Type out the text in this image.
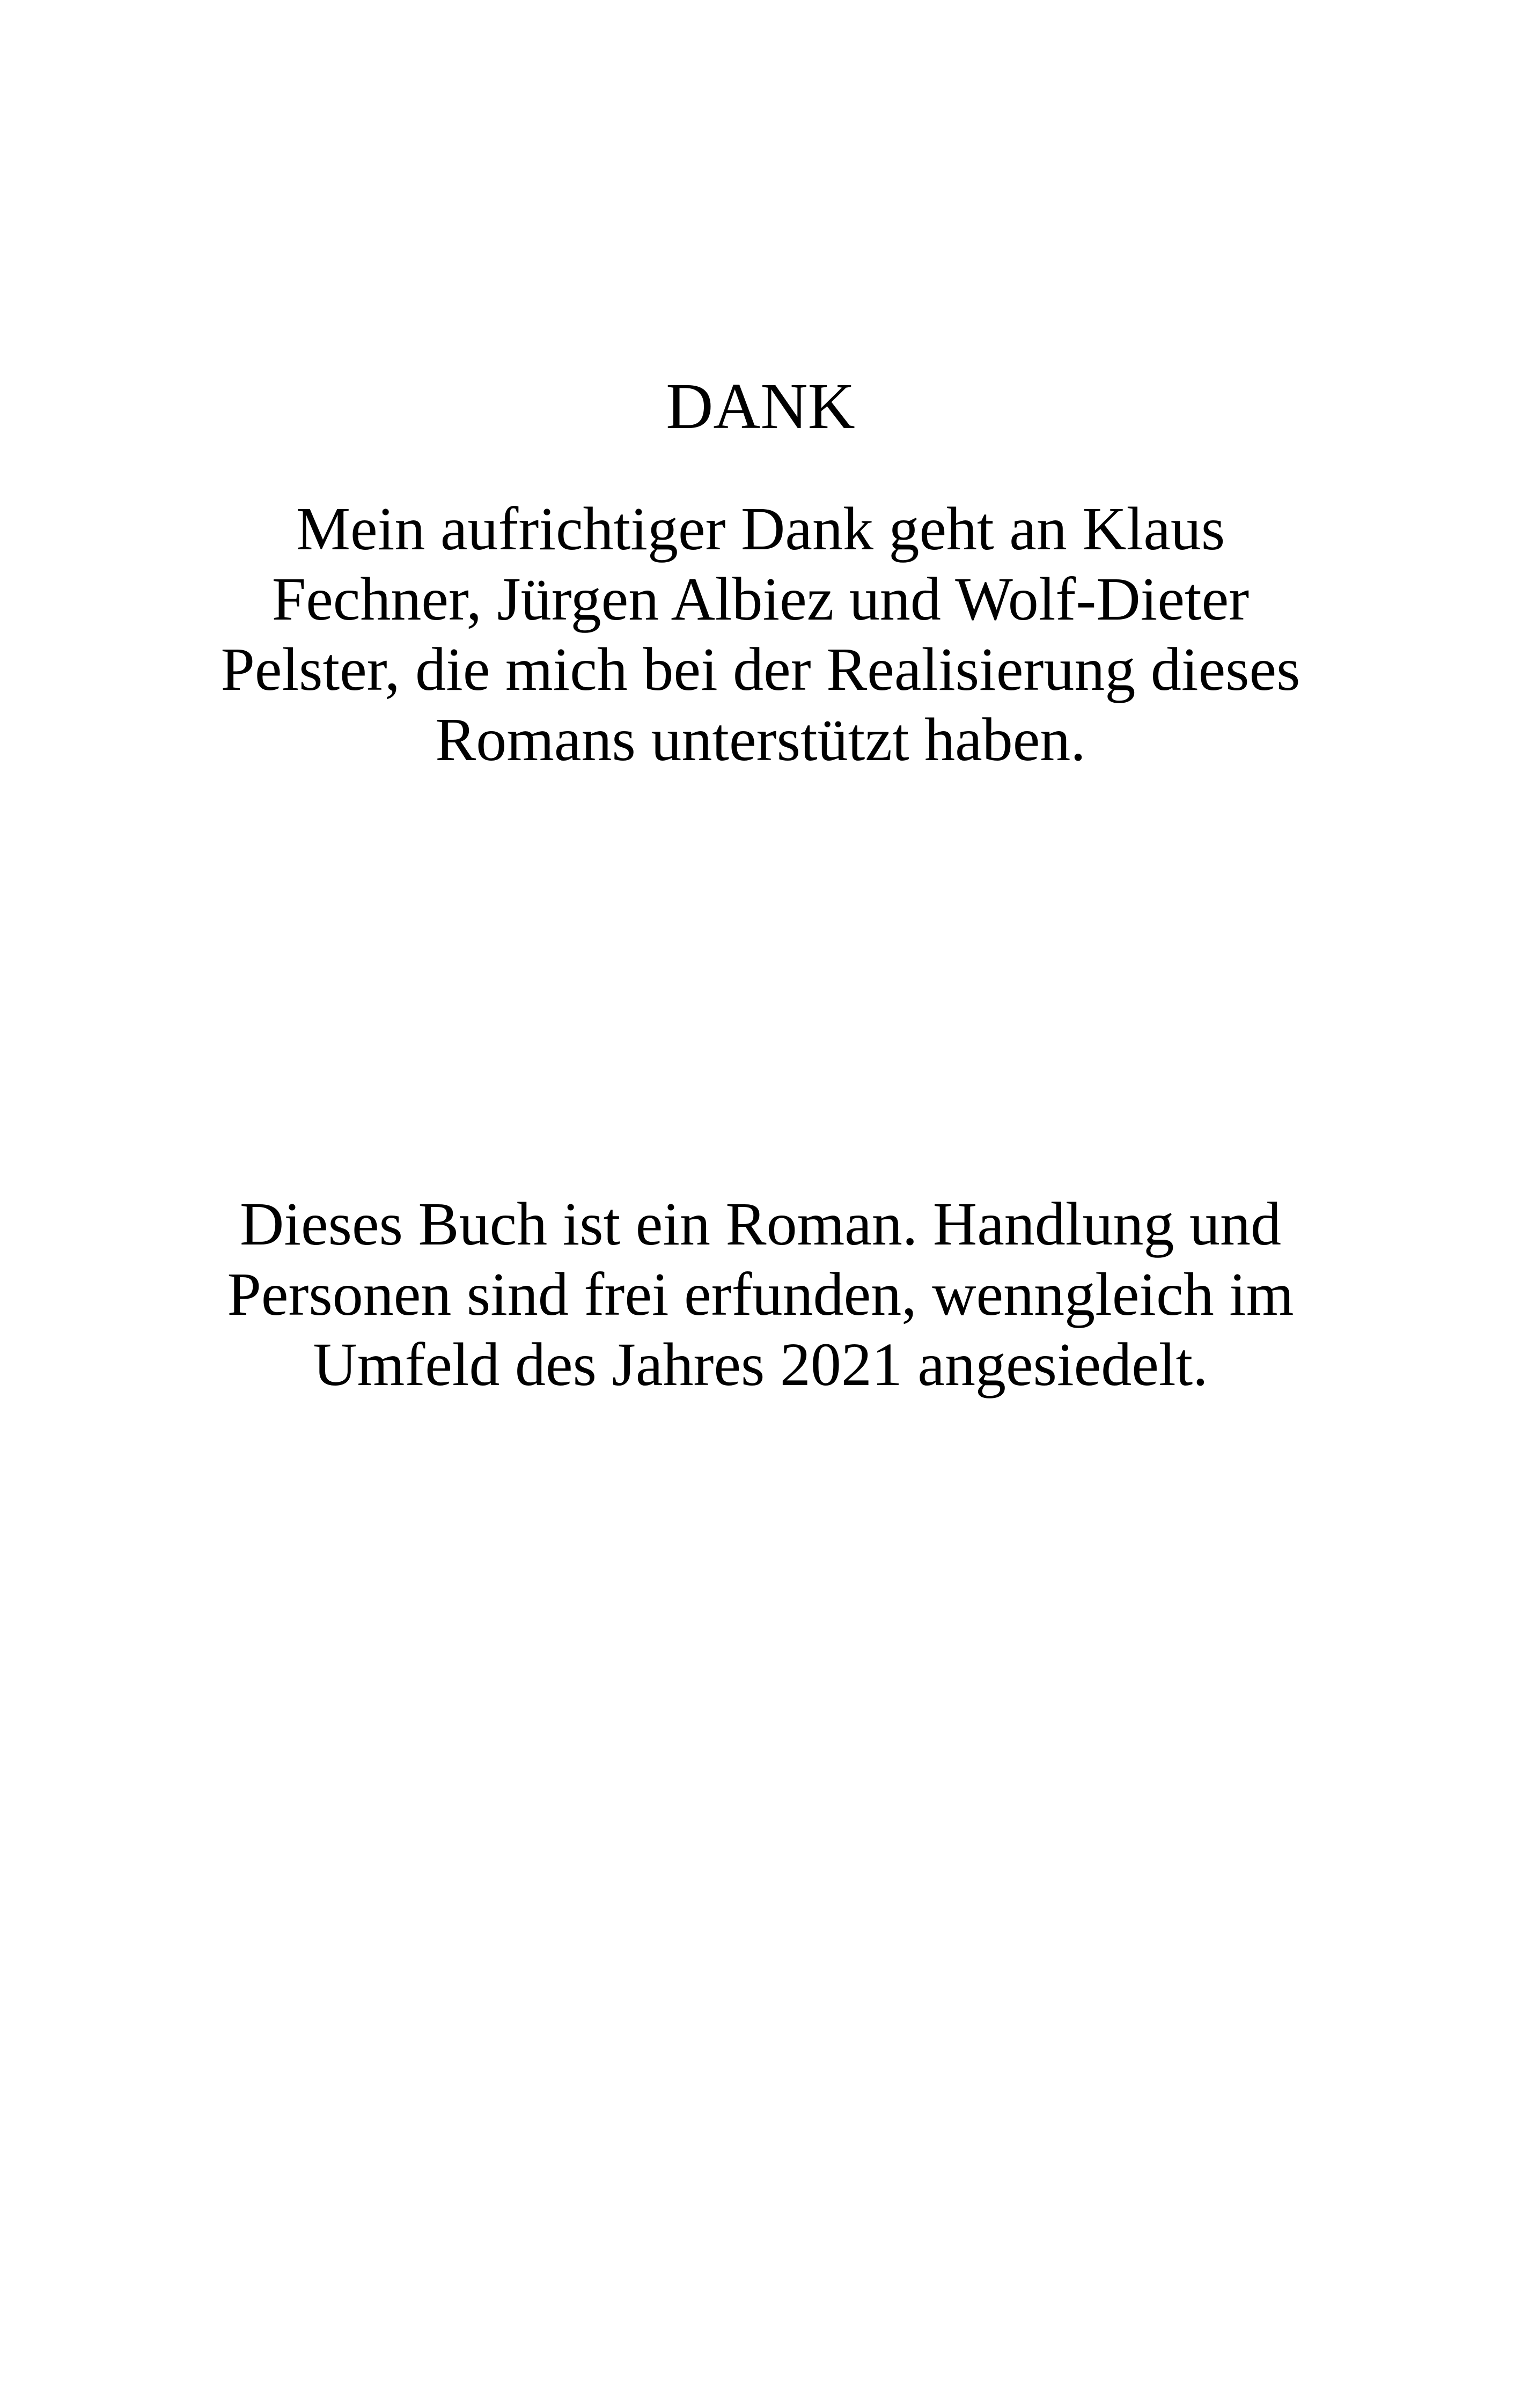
DANK

Mein aufrichtiger Dank geht an Klaus
Fechner, Jürgen Albiez und Wolf-Dieter
Pelster, die mich bei der Realisierung dieses
Romans unterstützt haben.

Dieses Buch ist ein Roman. Handlung und
Personen sind frei erfunden, wenngleich im
Umfeld des Jahres 2021 angesiedelt.
